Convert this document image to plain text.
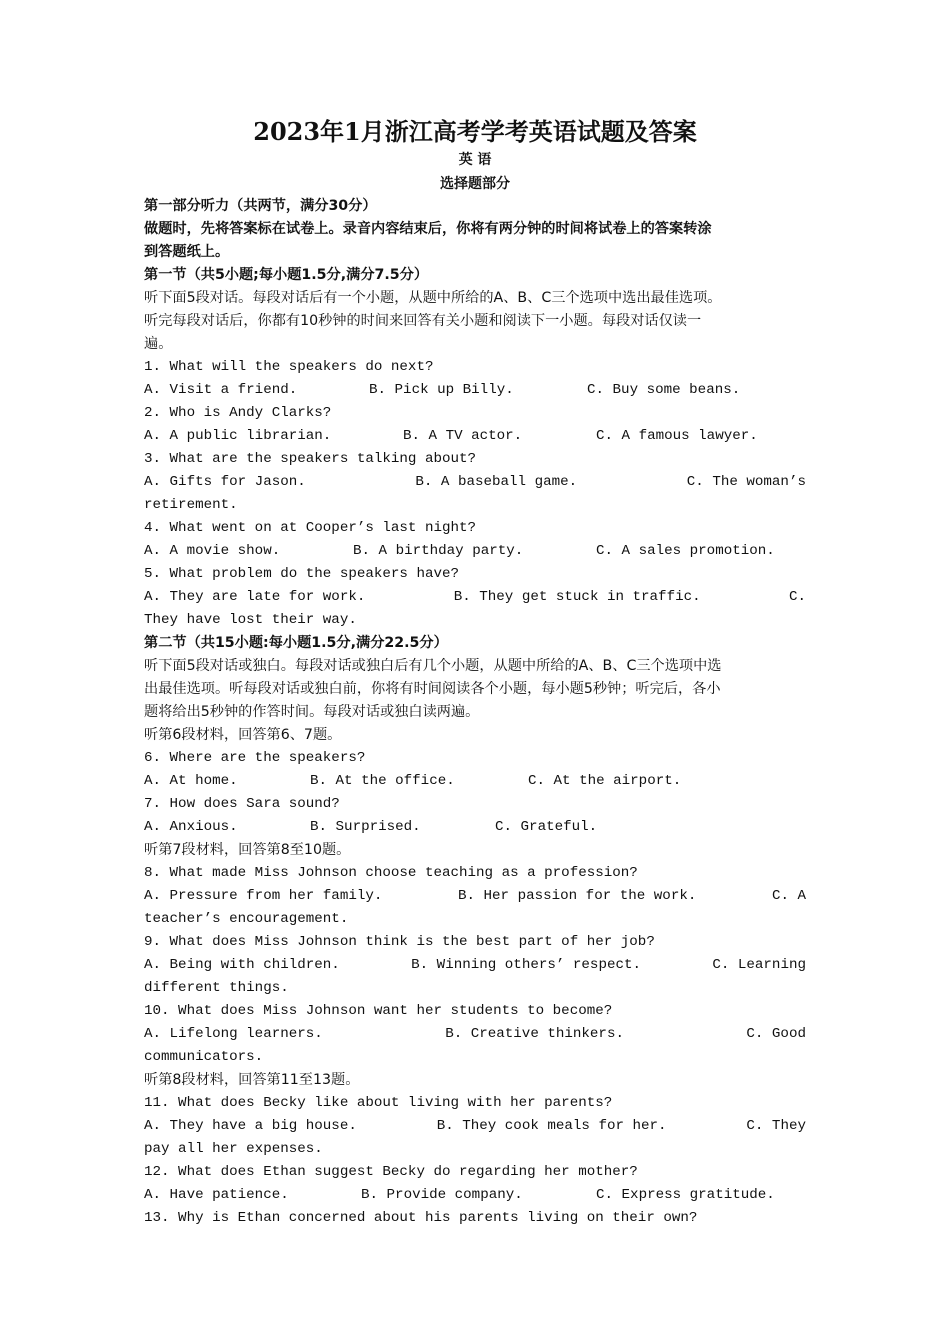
2023年1月浙江高考学考英语试题及答案
英 语
选择题部分
第一部分听力（共两节，满分30分）
做题时，先将答案标在试卷上。录音内容结束后，你将有两分钟的时间将试卷上的答案转涂
到答题纸上。
第一节（共5小题;每小题1.5分,满分7.5分）
听下面5段对话。每段对话后有一个小题，从题中所给的A、B、C三个选项中选出最佳选项。
听完每段对话后，你都有10秒钟的时间来回答有关小题和阅读下一小题。每段对话仅读一
遍。
1. What will the speakers do next?
A. Visit a friend.	B. Pick up Billy.	C. Buy some beans.
2. Who is Andy Clarks?
A. A public librarian.	B. A TV actor.	C. A famous lawyer.
3. What are the speakers talking about?
A. Gifts for Jason.	B. A baseball game.	C. The woman’s
retirement.
4. What went on at Cooper’s last night?
A. A movie show.	B. A birthday party.	C. A sales promotion.
5. What problem do the speakers have?
A. They are late for work.	B. They get stuck in traffic.	C.
They have lost their way.
第二节（共15小题:每小题1.5分,满分22.5分）
听下面5段对话或独白。每段对话或独白后有几个小题，从题中所给的A、B、C三个选项中选
出最佳选项。听每段对话或独白前，你将有时间阅读各个小题，每小题5秒钟；听完后，各小
题将给出5秒钟的作答时间。每段对话或独白读两遍。
听第6段材料，回答第6、7题。
6. Where are the speakers?
A. At home.	B. At the office.	C. At the airport.
7. How does Sara sound?
A. Anxious.	B. Surprised.	C. Grateful.
听第7段材料，回答第8至10题。
8. What made Miss Johnson choose teaching as a profession?
A. Pressure from her family.	B. Her passion for the work.	C. A
teacher’s encouragement.
9. What does Miss Johnson think is the best part of her job?
A. Being with children.	B. Winning others’ respect.	C. Learning
different things.
10. What does Miss Johnson want her students to become?
A. Lifelong learners.	B. Creative thinkers.	C. Good
communicators.
听第8段材料，回答第11至13题。
11. What does Becky like about living with her parents?
A. They have a big house.	B. They cook meals for her.	C. They
pay all her expenses.
12. What does Ethan suggest Becky do regarding her mother?
A. Have patience.	B. Provide company.	C. Express gratitude.
13. Why is Ethan concerned about his parents living on their own?
